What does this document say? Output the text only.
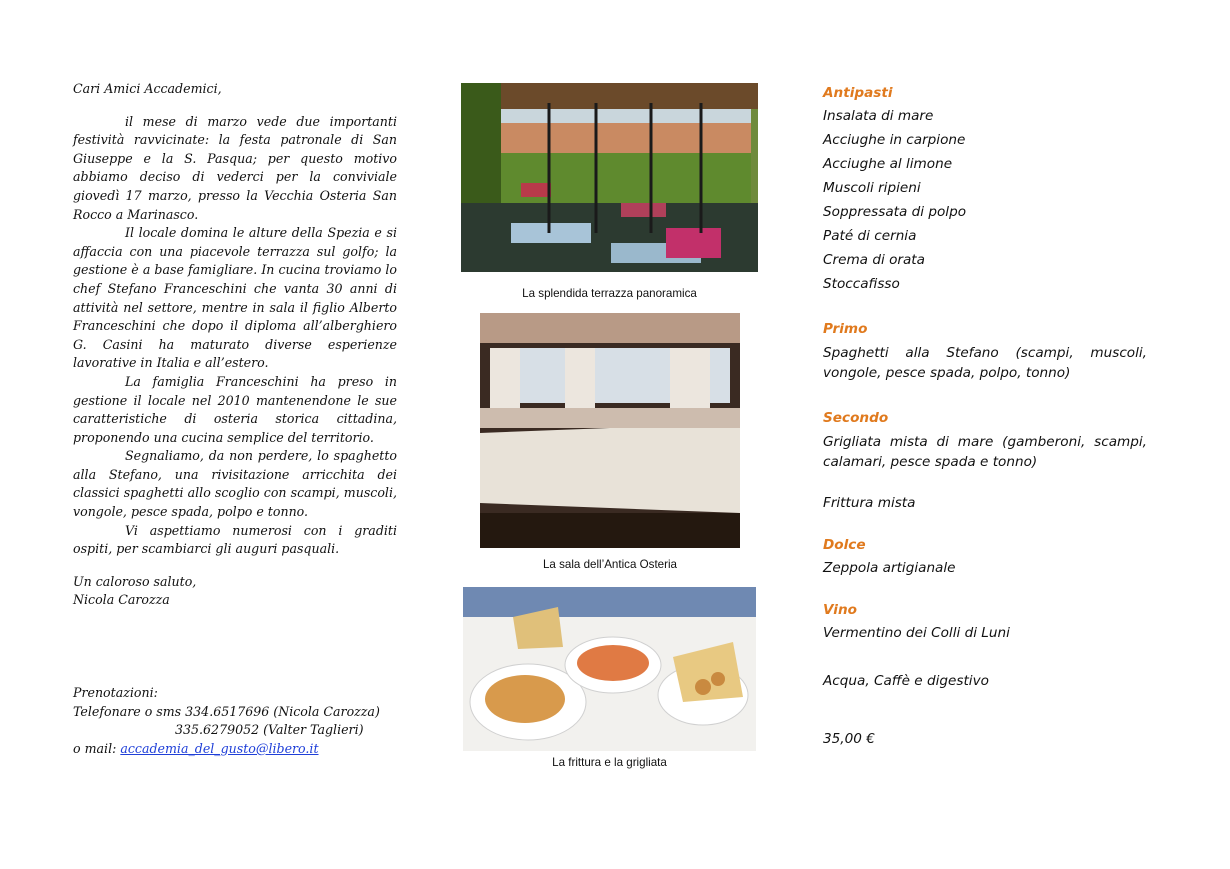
Cari Amici Accademici,

il mese di marzo vede due importanti festività ravvicinate: la festa patronale di San Giuseppe e la S. Pasqua; per questo motivo abbiamo deciso di vederci per la conviviale giovedì 17 marzo, presso la Vecchia Osteria San Rocco a Marinasco.

Il locale domina le alture della Spezia e si affaccia con una piacevole terrazza sul golfo; la gestione è a base famigliare. In cucina troviamo lo chef Stefano Franceschini che vanta 30 anni di attività nel settore, mentre in sala il figlio Alberto Franceschini che dopo il diploma all’alberghiero G. Casini ha maturato diverse esperienze lavorative in Italia e all’estero.

La famiglia Franceschini ha preso in gestione il locale nel 2010 mantenendone le sue caratteristiche di osteria storica cittadina, proponendo una cucina semplice del territorio.

Segnaliamo, da non perdere, lo spaghetto alla Stefano, una rivisitazione arricchita dei classici spaghetti allo scoglio con scampi, muscoli, vongole, pesce spada, polpo e tonno.

Vi aspettiamo numerosi con i graditi ospiti, per scambiarci gli auguri pasquali.

Un caloroso saluto,

Nicola Carozza

Prenotazioni:
Telefonare o sms 334.6517696 (Nicola Carozza)
335.6279052 (Valter Taglieri)
o mail: accademia_del_gusto@libero.it
La splendida terrazza panoramica
La sala dell’Antica Osteria
La frittura e la grigliata
Antipasti
Insalata di mare
Acciughe in carpione
Acciughe al limone
Muscoli ripieni
Soppressata di polpo
Paté di cernia
Crema di orata
Stoccafisso
Primo
Spaghetti alla Stefano (scampi, muscoli, vongole, pesce spada, polpo, tonno)
Secondo
Grigliata mista di mare (gamberoni, scampi, calamari, pesce spada e tonno)
Frittura mista
Dolce
Zeppola artigianale
Vino
Vermentino dei Colli di Luni
Acqua, Caffè e digestivo
35,00 €
